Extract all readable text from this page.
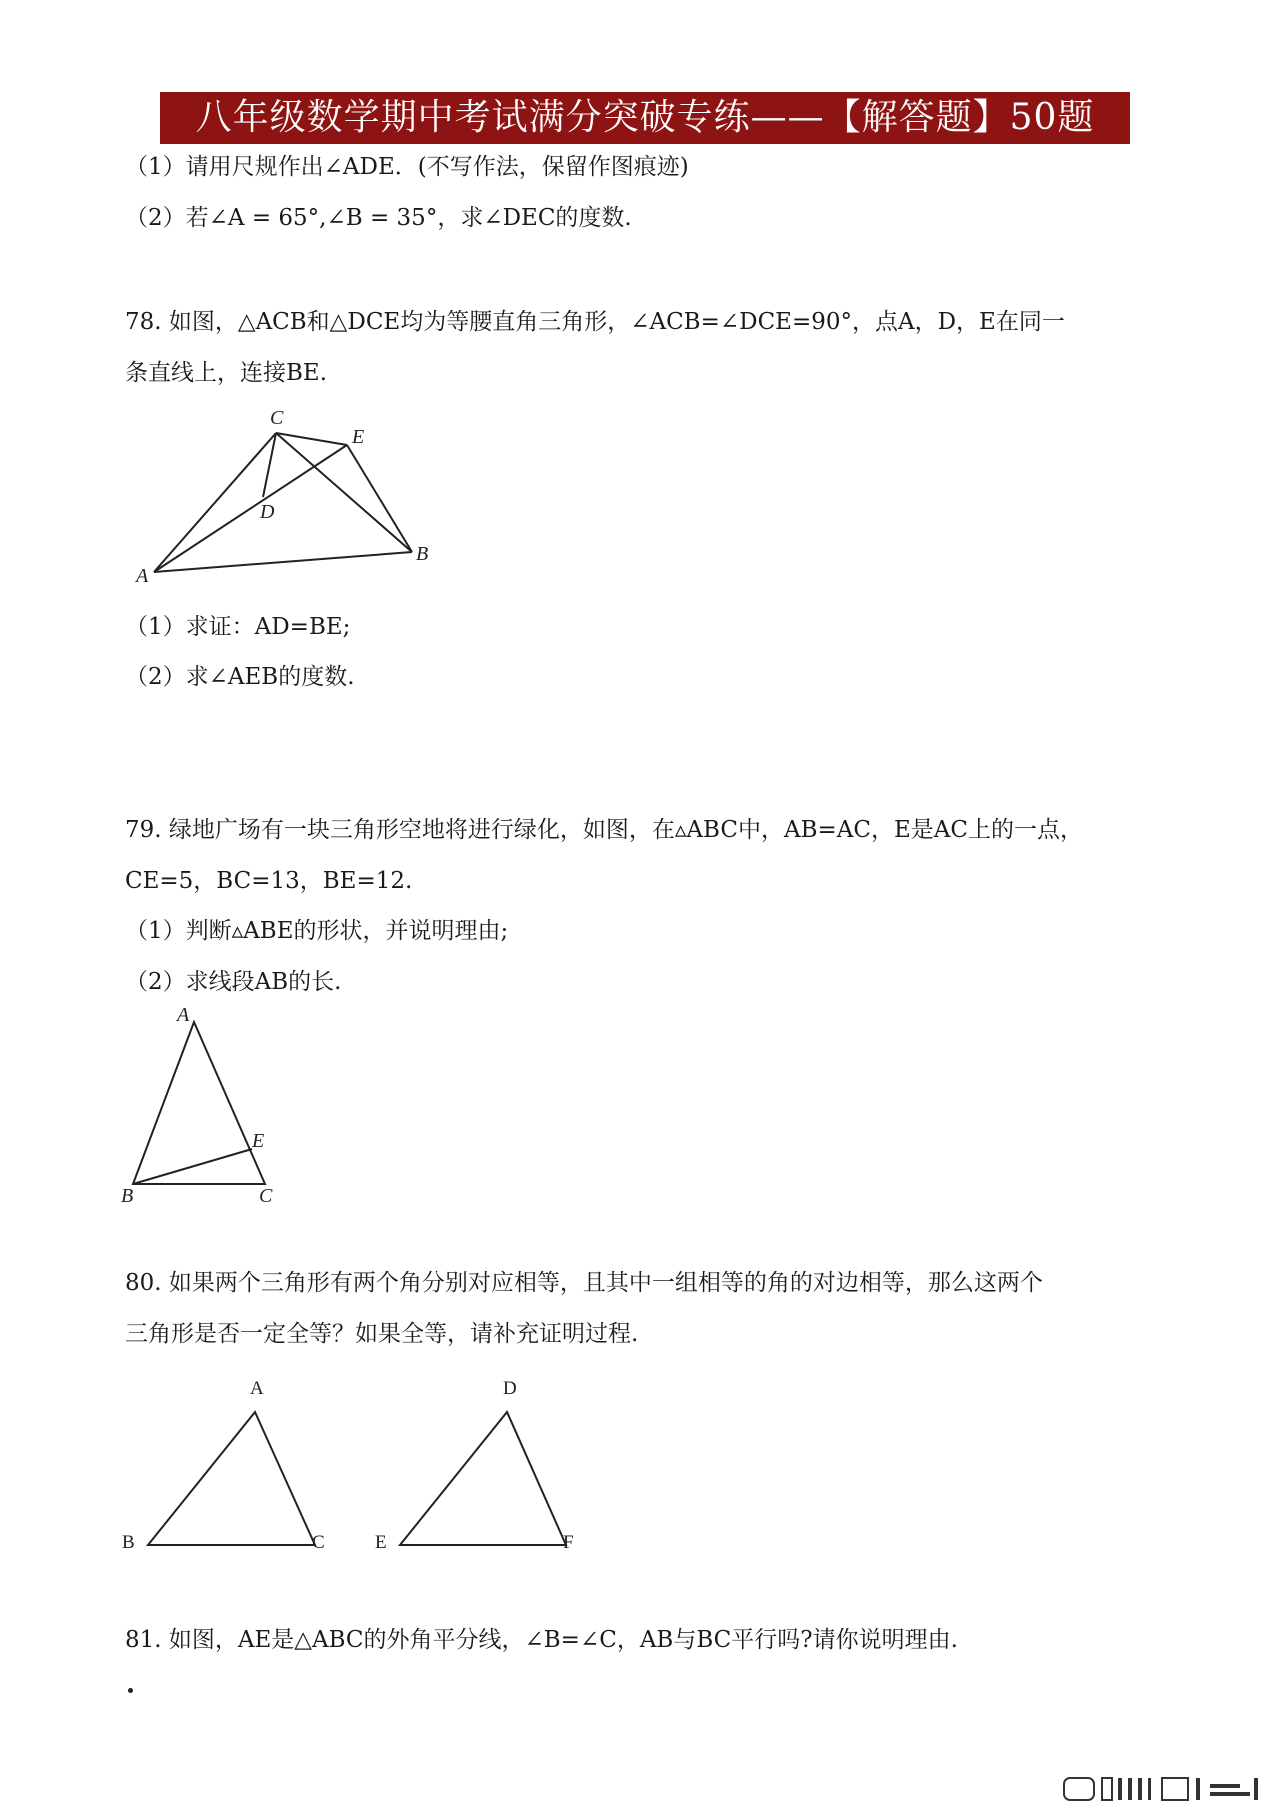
八年级数学期中考试满分突破专练——【解答题】50题
（1）请用尺规作出∠ADE．(不写作法，保留作图痕迹)
（2）若∠A = 65°,∠B = 35°，求∠DEC的度数.
78. 如图，△ACB和△DCE均为等腰直角三角形，∠ACB=∠DCE=90°，点A，D，E在同一
条直线上，连接BE.
C
E
D
B
A
（1）求证：AD=BE;
（2）求∠AEB的度数.
79. 绿地广场有一块三角形空地将进行绿化，如图，在▵ABC中，AB=AC，E是AC上的一点，
CE=5，BC=13，BE=12.
（1）判断▵ABE的形状，并说明理由;
（2）求线段AB的长.
A
E
B	C
80. 如果两个三角形有两个角分别对应相等，且其中一组相等的角的对边相等，那么这两个
三角形是否一定全等？如果全等，请补充证明过程.
A
B	C
D
E	F
81. 如图，AE是△ABC的外角平分线，∠B=∠C，AB与BC平行吗?请你说明理由.
